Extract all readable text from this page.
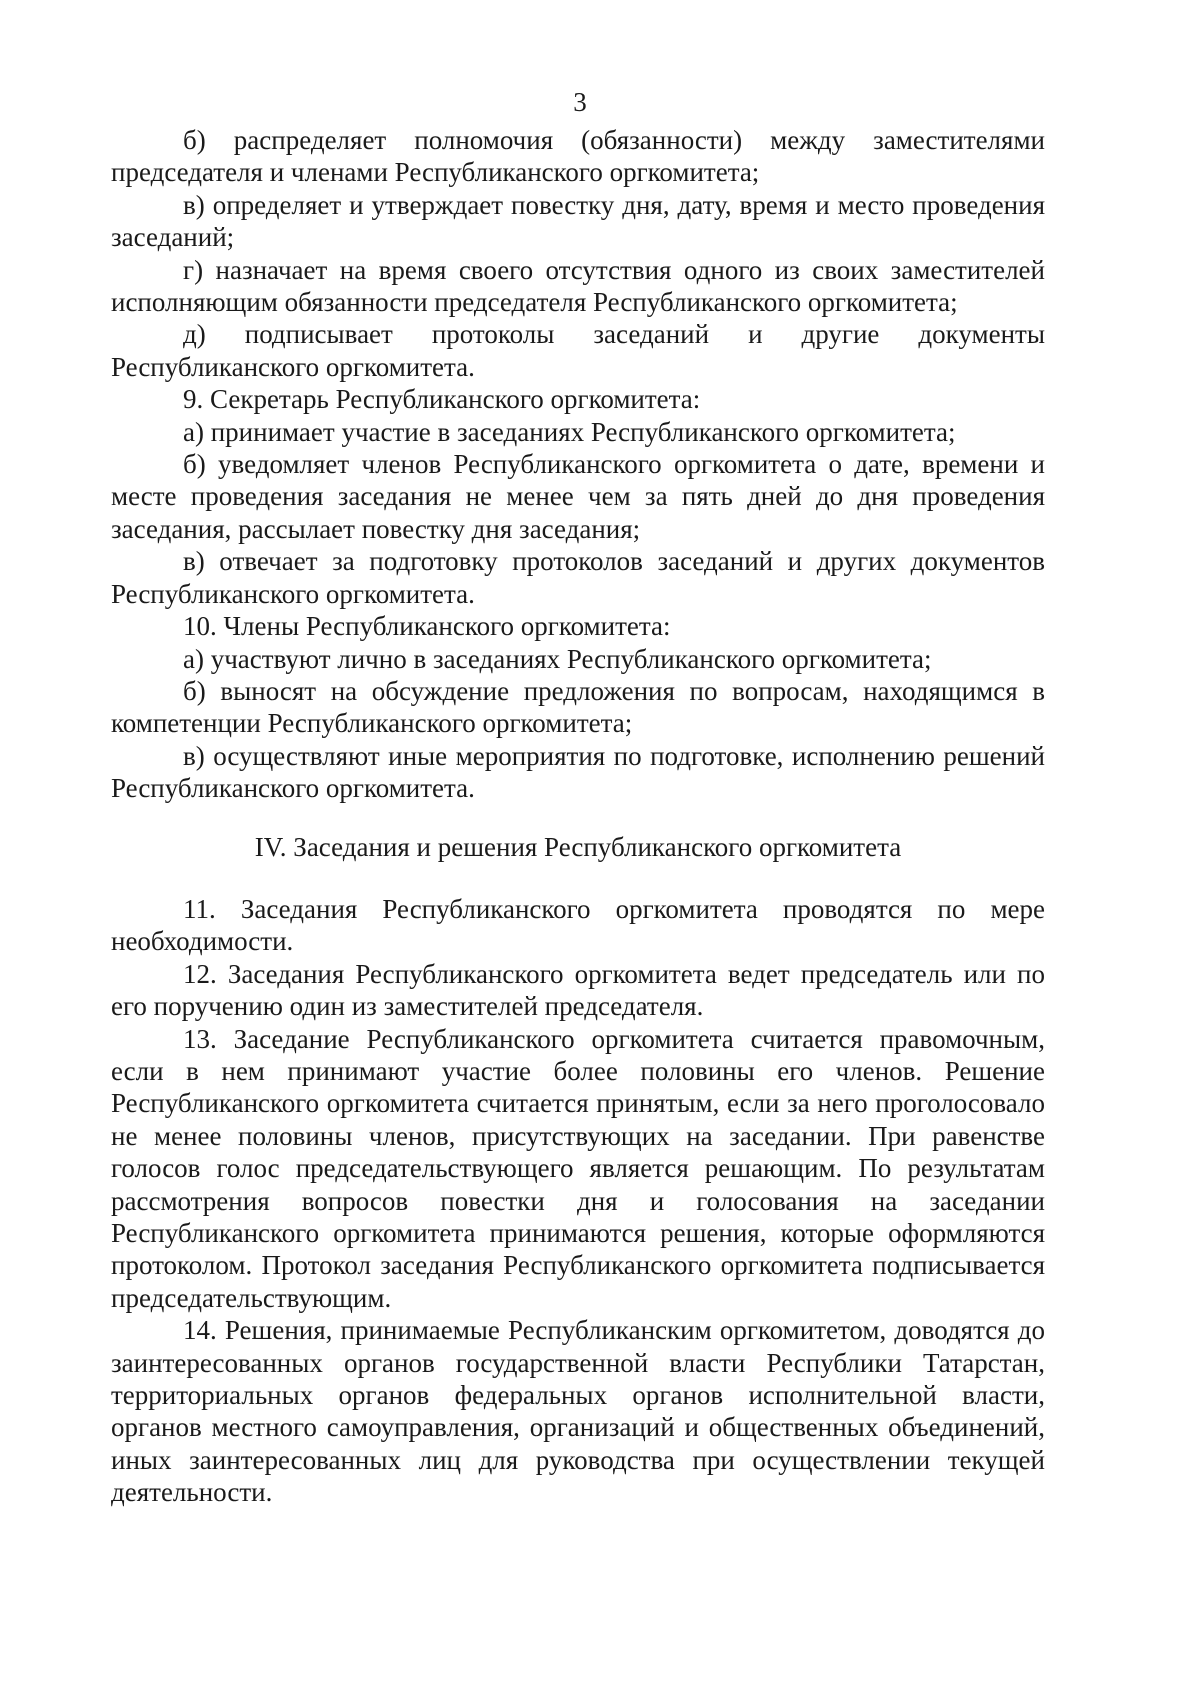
3

б) распределяет полномочия (обязанности) между заместителями председателя и членами Республиканского оргкомитета;

в) определяет и утверждает повестку дня, дату, время и место проведения заседаний;

г) назначает на время своего отсутствия одного из своих заместителей исполняющим обязанности председателя Республиканского оргкомитета;

д) подписывает протоколы заседаний и другие документы Республиканского оргкомитета.

9. Секретарь Республиканского оргкомитета:

а) принимает участие в заседаниях Республиканского оргкомитета;

б) уведомляет членов Республиканского оргкомитета о дате, времени и месте проведения заседания не менее чем за пять дней до дня проведения заседания, рассылает повестку дня заседания;

в) отвечает за подготовку протоколов заседаний и других документов Республиканского оргкомитета.

10. Члены Республиканского оргкомитета:

а) участвуют лично в заседаниях Республиканского оргкомитета;

б) выносят на обсуждение предложения по вопросам, находящимся в компетенции Республиканского оргкомитета;

в) осуществляют иные мероприятия по подготовке, исполнению решений Республиканского оргкомитета.

IV. Заседания и решения Республиканского оргкомитета

11. Заседания Республиканского оргкомитета проводятся по мере необходимости.

12. Заседания Республиканского оргкомитета ведет председатель или по его поручению один из заместителей председателя.

13. Заседание Республиканского оргкомитета считается правомочным, если в нем принимают участие более половины его членов. Решение Республиканского оргкомитета считается принятым, если за него проголосовало не менее половины членов, присутствующих на заседании. При равенстве голосов голос председательствующего является решающим. По результатам рассмотрения вопросов повестки дня и голосования на заседании Республиканского оргкомитета принимаются решения, которые оформляются протоколом. Протокол заседания Республиканского оргкомитета подписывается председательствующим.

14. Решения, принимаемые Республиканским оргкомитетом, доводятся до заинтересованных органов государственной власти Республики Татарстан, территориальных органов федеральных органов исполнительной власти, органов местного самоуправления, организаций и общественных объединений, иных заинтересованных лиц для руководства при осуществлении текущей деятельности.
